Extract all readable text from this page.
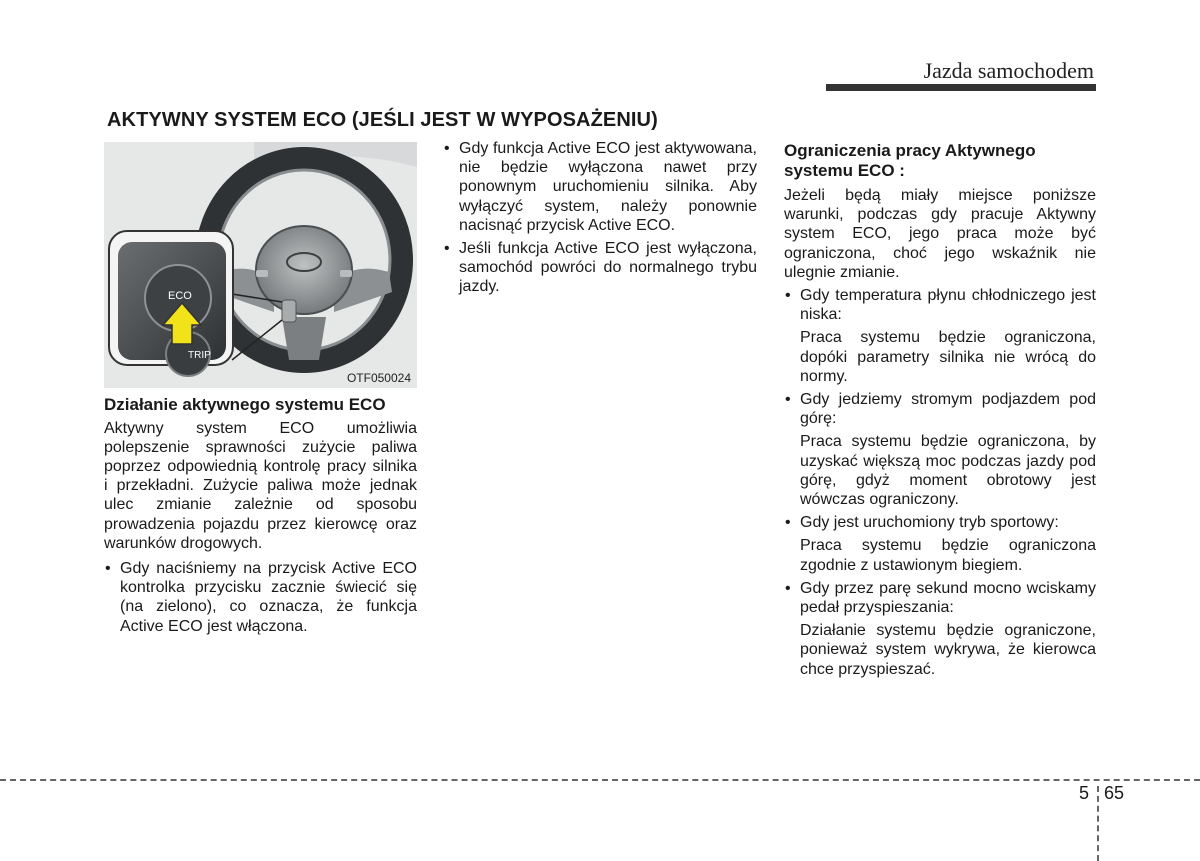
Jazda samochodem
AKTYWNY SYSTEM ECO (JEŚLI JEST W WYPOSAŻENIU)
ECO
TRIP
OTF050024
Działanie aktywnego systemu ECO

Aktywny system ECO umożliwia polepszenie sprawności zużycie paliwa poprzez odpowiednią kontrolę pracy silnika i przekładni. Zużycie paliwa może jednak ulec zmianie zależnie od sposobu prowadzenia pojazdu przez kierowcę oraz warunków drogowych.

• Gdy naciśniemy na przycisk Active ECO kontrolka przycisku zacznie świecić się (na zielono), co oznacza, że funkcja Active ECO jest włączona.
• Gdy funkcja Active ECO jest aktywowana, nie będzie wyłączona nawet przy ponownym uruchomieniu silnika. Aby wyłączyć system, należy ponownie nacisnąć przycisk Active ECO.
• Jeśli funkcja Active ECO jest wyłączona, samochód powróci do normalnego trybu jazdy.
Ograniczenia pracy Aktywnego systemu ECO :

Jeżeli będą miały miejsce poniższe warunki, podczas gdy pracuje Aktywny system ECO, jego praca może być ograniczona, choć jego wskaźnik nie ulegnie zmianie.

• Gdy temperatura płynu chłodniczego jest niska:
Praca systemu będzie ograniczona, dopóki parametry silnika nie wrócą do normy.
• Gdy jedziemy stromym podjazdem pod górę:
Praca systemu będzie ograniczona, by uzyskać większą moc podczas jazdy pod górę, gdyż moment obrotowy jest wówczas ograniczony.
• Gdy jest uruchomiony tryb sportowy:
Praca systemu będzie ograniczona zgodnie z ustawionym biegiem.
• Gdy przez parę sekund mocno wciskamy pedał przyspieszania:
Działanie systemu będzie ograniczone, ponieważ system wykrywa, że kierowca chce przyspieszać.
5 65
